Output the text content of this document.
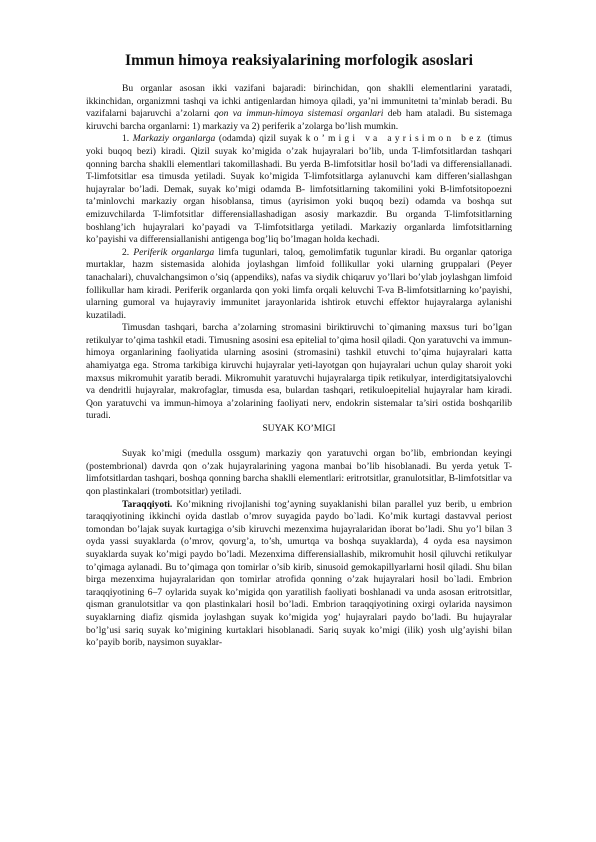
Immun himoya reaksiyalarining morfologik asoslari

Bu organlar asosan ikki vazifani bajaradi: birinchidan, qon shaklli elementlarini yaratadi, ikkinchidan, organizmni tashqi va ichki antigenlardan himoya qiladi, ya’ni immunitetni ta’minlab beradi. Bu vazifalarni bajaruvchi a’zolarni qon va immun-himoya sistemasi organlari deb ham ataladi. Bu sistemaga kiruvchi barcha organlarni: 1) markaziy va 2) periferik a’zolarga bo’lish mumkin.

1. Markaziy organlarga (odamda) qizil suyak ko’migi va ayrisimon bez (timus yoki buqoq bezi) kiradi. Qizil suyak ko’migida o’zak hujayralari bo’lib, unda T-limfotsitlardan tashqari qonning barcha shaklli elementlari takomillashadi. Bu yerda B-limfotsitlar hosil bo’ladi va differensiallanadi. T-limfotsitlar esa timusda yetiladi. Suyak ko’migida T-limfotsitlarga aylanuvchi kam differen’siallashgan hujayralar bo’ladi. Demak, suyak ko’migi odamda B- limfotsitlarning takomilini yoki B-limfotsitopoezni ta’minlovchi markaziy organ hisoblansa, timus (ayrisimon yoki buqoq bezi) odamda va boshqa sut emizuvchilarda T-limfotsitlar differensiallashadigan asosiy markazdir. Bu organda T-limfotsitlarning boshlang’ich hujayralari ko’payadi va T-limfotsitlarga yetiladi. Markaziy organlarda limfotsitlarning ko’payishi va differensiallanishi antigenga bog’liq bo’lmagan holda kechadi.

2. Periferik organlarga limfa tugunlari, taloq, gemolimfatik tugunlar kiradi. Bu organlar qatoriga murtaklar, hazm sistemasida alohida joylashgan limfoid follikullar yoki ularning gruppalari (Peyer tanachalari), chuvalchangsimon o’siq (appendiks), nafas va siydik chiqaruv yo’llari bo’ylab joylashgan limfoid follikullar ham kiradi. Periferik organlarda qon yoki limfa orqali keluvchi T-va B-limfotsitlarning ko’payishi, ularning gumoral va hujayraviy immunitet jarayonlarida ishtirok etuvchi effektor hujayralarga aylanishi kuzatiladi.

Timusdan tashqari, barcha a’zolarning stromasini biriktiruvchi to`qimaning maxsus turi bo’lgan retikulyar to’qima tashkil etadi. Timusning asosini esa epitelial to’qima hosil qiladi. Qon yaratuvchi va immun-himoya organlarining faoliyatida ularning asosini (stromasini) tashkil etuvchi to’qima hujayralari katta ahamiyatga ega. Stroma tarkibiga kiruvchi hujayralar yeti-layotgan qon hujayralari uchun qulay sharoit yoki maxsus mikromuhit yaratib beradi. Mikromuhit yaratuvchi hujayralarga tipik retikulyar, interdigitatsiyalovchi va dendritli hujayralar, makrofaglar, timusda esa, bulardan tashqari, retikuloepitelial hujayralar ham kiradi. Qon yaratuvchi va immun-himoya a’zolarining faoliyati nerv, endokrin sistemalar ta’siri ostida boshqarilib turadi.

SUYAK KO’MIGI

Suyak ko’migi (medulla ossgum) markaziy qon yaratuvchi organ bo’lib, embriondan keyingi (postembrional) davrda qon o’zak hujayralarining yagona manbai bo’lib hisoblanadi. Bu yerda yetuk T-limfotsitlardan tashqari, boshqa qonning barcha shaklli elementlari: eritrotsitlar, granulotsitlar, B-limfotsitlar va qon plastinkalari (trombotsitlar) yetiladi.

Taraqqiyoti. Ko’mikning rivojlanishi tog’ayning suyaklanishi bilan parallel yuz berib, u embrion taraqqiyotining ikkinchi oyida dastlab o’mrov suyagida paydo bo`ladi. Ko’mik kurtagi dastavval periost tomondan bo’lajak suyak kurtagiga o’sib kiruvchi mezenxima hujayralaridan iborat bo’ladi. Shu yo’l bilan 3 oyda yassi suyaklarda (o’mrov, qovurg’a, to’sh, umurtqa va boshqa suyaklarda), 4 oyda esa naysimon suyaklarda suyak ko’migi paydo bo’ladi. Mezenxima differensiallashib, mikromuhit hosil qiluvchi retikulyar to’qimaga aylanadi. Bu to’qimaga qon tomirlar o’sib kirib, sinusoid gemokapillyarlarni hosil qiladi. Shu bilan birga mezenxima hujayralaridan qon tomirlar atrofida qonning o’zak hujayralari hosil bo`ladi. Embrion taraqqiyotining 6–7 oylarida suyak ko’migida qon yaratilish faoliyati boshlanadi va unda asosan eritrotsitlar, qisman granulotsitlar va qon plastinkalari hosil bo’ladi. Embrion taraqqiyotining oxirgi oylarida naysimon suyaklarning diafiz qismida joylashgan suyak ko’migida yog’ hujayralari paydo bo’ladi. Bu hujayralar bo’lg’usi sariq suyak ko’migining kurtaklari hisoblanadi. Sariq suyak ko’migi (ilik) yosh ulg’ayishi bilan ko’payib borib, naysimon suyaklar-
